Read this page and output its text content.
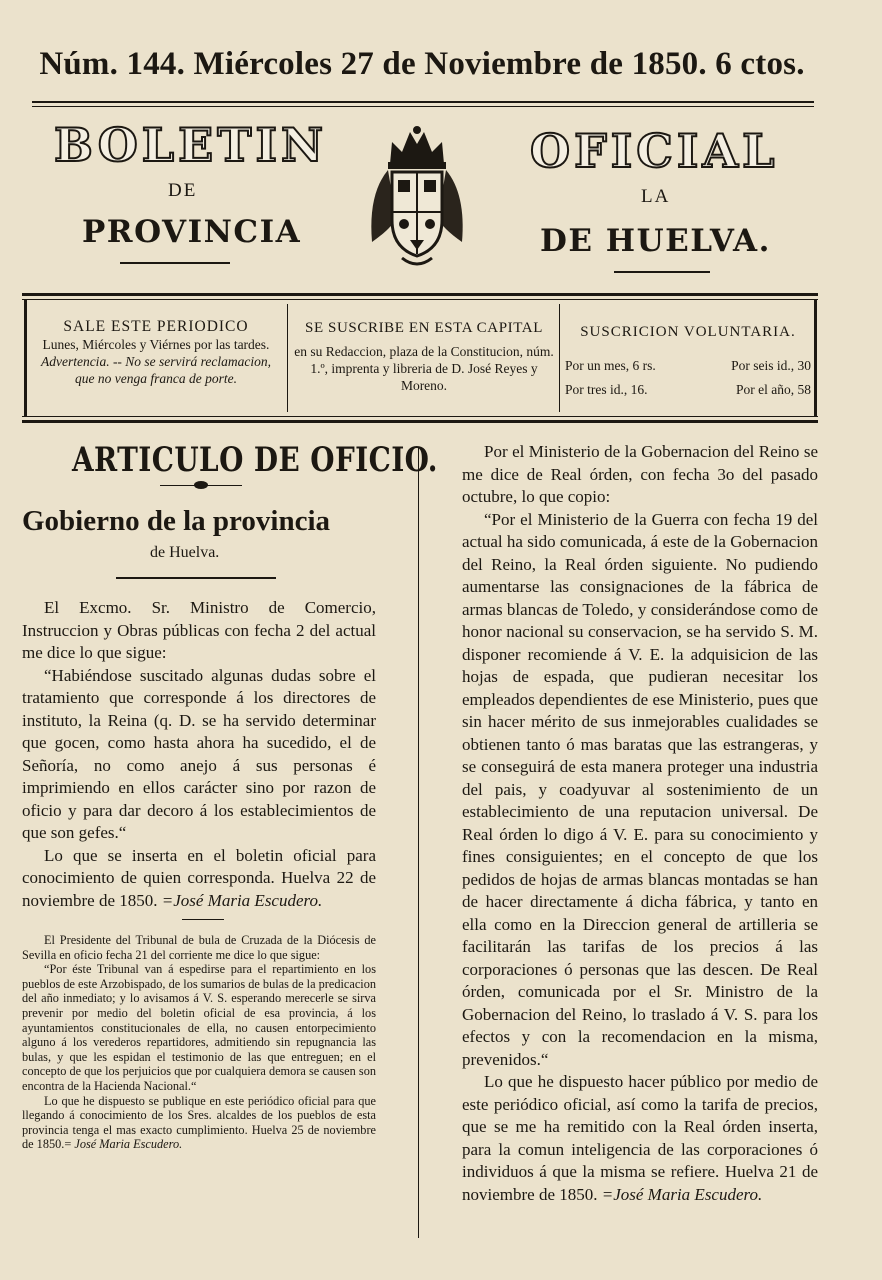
Núm. 144. Miércoles 27 de Noviembre de 1850. 6 ctos.
BOLETIN	OFICIAL
DE	LA
PROVINCIA	DE HUELVA.
SALE ESTE PERIODICO
Lunes, Miércoles y Viérnes por las tardes.
Advertencia. -- No se servirá reclamacion, que no venga franca de porte.
SE SUSCRIBE EN ESTA CAPITAL
en su Redaccion, plaza de la Constitucion, núm. 1.º, imprenta y libreria de D. José Reyes y Moreno.
SUSCRICION VOLUNTARIA.
Por un mes, 6 rs.	Por seis id., 30
Por tres id., 16.	Por el año, 58
ARTICULO DE OFICIO.
Gobierno de la provincia
de Huelva.

El Excmo. Sr. Ministro de Comercio, Instruccion y Obras públicas con fecha 2 del actual me dice lo que sigue:

“Habiéndose suscitado algunas dudas sobre el tratamiento que corresponde á los directores de instituto, la Reina (q. D. se ha servido determinar que gocen, como hasta ahora ha sucedido, el de Señoría, no como anejo á sus personas é imprimiendo en ellos carácter sino por razon de oficio y para dar decoro á los establecimientos de que son gefes.“

Lo que se inserta en el boletin oficial para conocimiento de quien corresponda. Huelva 22 de noviembre de 1850. =José Maria Escudero.

El Presidente del Tribunal de bula de Cruzada de la Diócesis de Sevilla en oficio fecha 21 del corriente me dice lo que sigue:

“Por éste Tribunal van á espedirse para el repartimiento en los pueblos de este Arzobispado, de los sumarios de bulas de la predicacion del año inmediato; y lo avisamos á V. S. esperando merecerle se sirva prevenir por medio del boletin oficial de esa provincia, á los ayuntamientos constitucionales de ella, no causen entorpecimiento alguno á los verederos repartidores, admitiendo sin repugnancia las bulas, y que les espidan el testimonio de las que entreguen; en el concepto de que los perjuicios que por cualquiera demora se causen son encontra de la Hacienda Nacional.“

Lo que he dispuesto se publique en este periódico oficial para que llegando á conocimiento de los Sres. alcaldes de los pueblos de esta provincia tenga el mas exacto cumplimiento. Huelva 25 de noviembre de 1850.= José Maria Escudero.

Por el Ministerio de la Gobernacion del Reino se me dice de Real órden, con fecha 3o del pasado octubre, lo que copio:

“Por el Ministerio de la Guerra con fecha 19 del actual ha sido comunicada, á este de la Gobernacion del Reino, la Real órden siguiente. No pudiendo aumentarse las consignaciones de la fábrica de armas blancas de Toledo, y considerándose como de honor nacional su conservacion, se ha servido S. M. disponer recomiende á V. E. la adquisicion de las hojas de espada, que pudieran necesitar los empleados dependientes de ese Ministerio, pues que sin hacer mérito de sus inmejorables cualidades se obtienen tanto ó mas baratas que las estrangeras, y se conseguirá de esta manera proteger una industria del pais, y coadyuvar al sostenimiento de un establecimiento de una reputacion universal. De Real órden lo digo á V. E. para su conocimiento y fines consiguientes; en el concepto de que los pedidos de hojas de armas blancas montadas se han de hacer directamente á dicha fábrica, y tanto en ella como en la Direccion general de artilleria se facilitarán las tarifas de los precios á las corporaciones ó personas que las descen. De Real órden, comunicada por el Sr. Ministro de la Gobernacion del Reino, lo traslado á V. S. para los efectos y con la recomendacion en la misma, prevenidos.“

Lo que he dispuesto hacer público por medio de este periódico oficial, así como la tarifa de precios, que se me ha remitido con la Real órden inserta, para la comun inteligencia de las corporaciones ó individuos á que la misma se refiere. Huelva 21 de noviembre de 1850. =José Maria Escudero.
